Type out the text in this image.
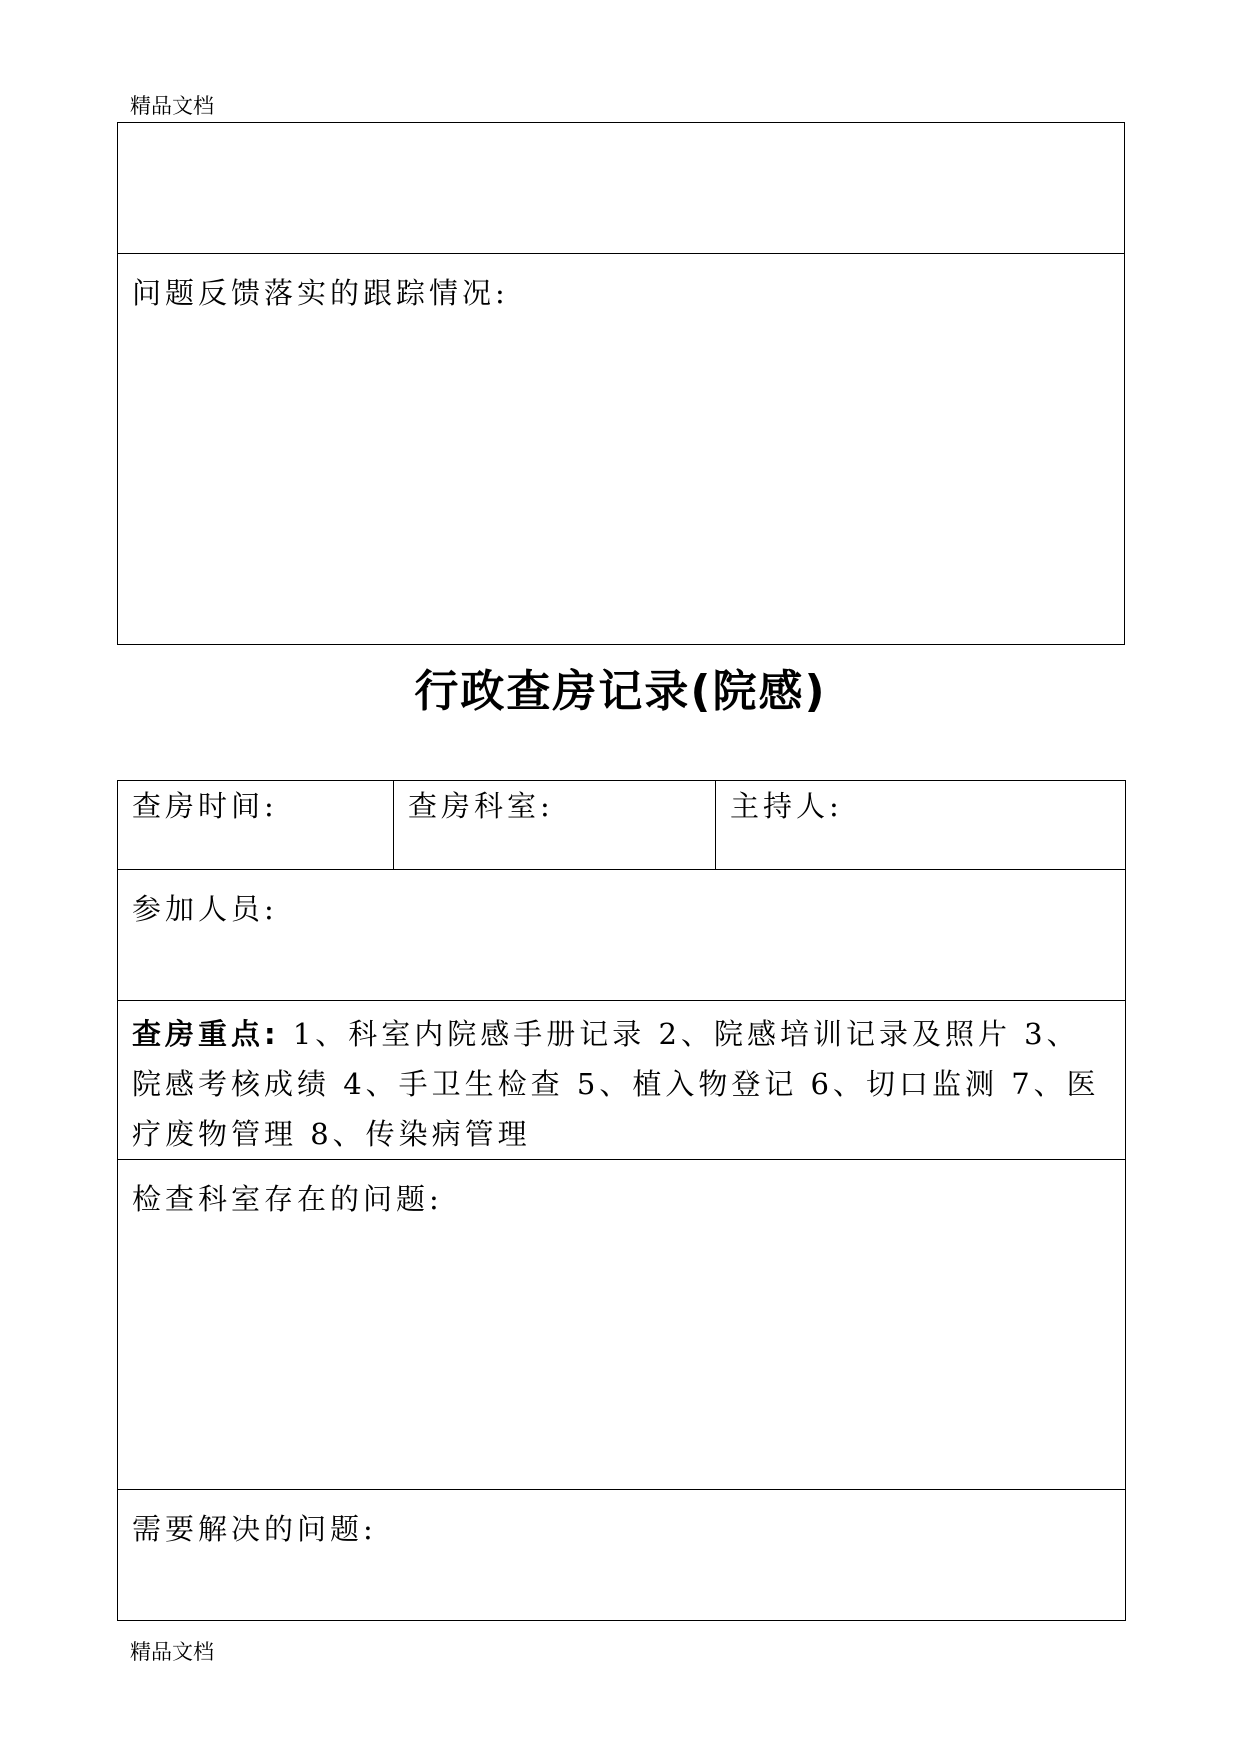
精品文档

问题反馈落实的跟踪情况:
行政查房记录(院感)
查房时间:	查房科室:	主持人:

参加人员:

查房重点: 1、科室内院感手册记录 2、院感培训记录及照片 3、院感考核成绩 4、手卫生检查 5、植入物登记 6、切口监测 7、医疗废物管理 8、传染病管理

检查科室存在的问题:

需要解决的问题:
精品文档
